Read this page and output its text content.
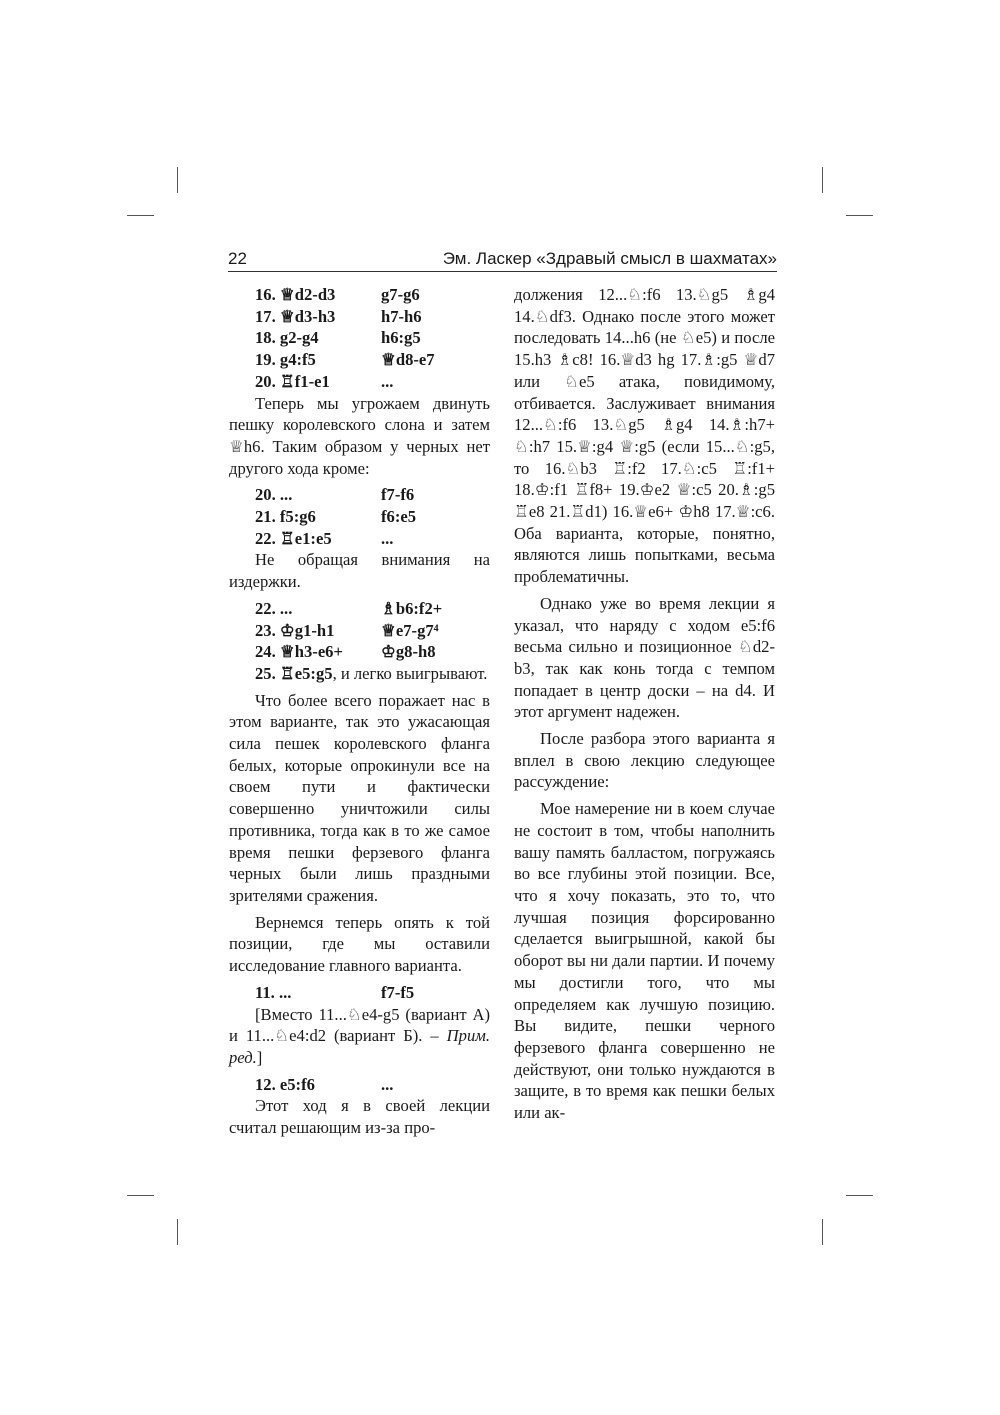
22	Эм. Ласкер «Здравый смысл в шахматах»
16. ♕d2-d3	g7-g6
17. ♕d3-h3	h7-h6
18. g2-g4	h6:g5
19. g4:f5	♕d8-e7
20. ♖f1-e1	...

Теперь мы угрожаем двинуть пешку королевского слона и затем ♕h6. Таким образом у черных нет другого хода кроме:

20. ...	f7-f6
21. f5:g6	f6:e5
22. ♖e1:e5	...

Не обращая внимания на издержки.

22. ...	♗b6:f2+
23. ♔g1-h1	♕e7-g7⁴
24. ♕h3-e6+	♔g8-h8

25. ♖e5:g5, и легко выигрывают.

Что более всего поражает нас в этом варианте, так это ужасающая сила пешек королевского фланга белых, которые опрокинули все на своем пути и фактически совершенно уничтожили силы противника, тогда как в то же самое время пешки ферзевого фланга черных были лишь праздными зрителями сражения.

Вернемся теперь опять к той позиции, где мы оставили исследование главного варианта.

11. ...	f7-f5

[Вместо 11...♘e4-g5 (вариант А) и 11...♘e4:d2 (вариант Б). – Прим. ред.]

12. e5:f6	...

Этот ход я в своей лекции считал решающим из-за про-

должения 12...♘:f6 13.♘g5 ♗g4 14.♘df3. Однако после этого может последовать 14...h6 (не ♘e5) и после 15.h3 ♗c8! 16.♕d3 hg 17.♗:g5 ♕d7 или ♘e5 атака, повидимому, отбивается. Заслуживает внимания 12...♘:f6 13.♘g5 ♗g4 14.♗:h7+ ♘:h7 15.♕:g4 ♕:g5 (если 15...♘:g5, то 16.♘b3 ♖:f2 17.♘:c5 ♖:f1+ 18.♔:f1 ♖f8+ 19.♔e2 ♕:c5 20.♗:g5 ♖e8 21.♖d1) 16.♕e6+ ♔h8 17.♕:c6. Оба варианта, которые, понятно, являются лишь попытками, весьма проблематичны.

Однако уже во время лекции я указал, что наряду с ходом e5:f6 весьма сильно и позиционное ♘d2-b3, так как конь тогда с темпом попадает в центр доски – на d4. И этот аргумент надежен.

После разбора этого варианта я вплел в свою лекцию следующее рассуждение:

Мое намерение ни в коем случае не состоит в том, чтобы наполнить вашу память балластом, погружаясь во все глубины этой позиции. Все, что я хочу показать, это то, что лучшая позиция форсированно сделается выигрышной, какой бы оборот вы ни дали партии. И почему мы достигли того, что мы определяем как лучшую позицию. Вы видите, пешки черного ферзевого фланга совершенно не действуют, они только нуждаются в защите, в то время как пешки белых или ак-
